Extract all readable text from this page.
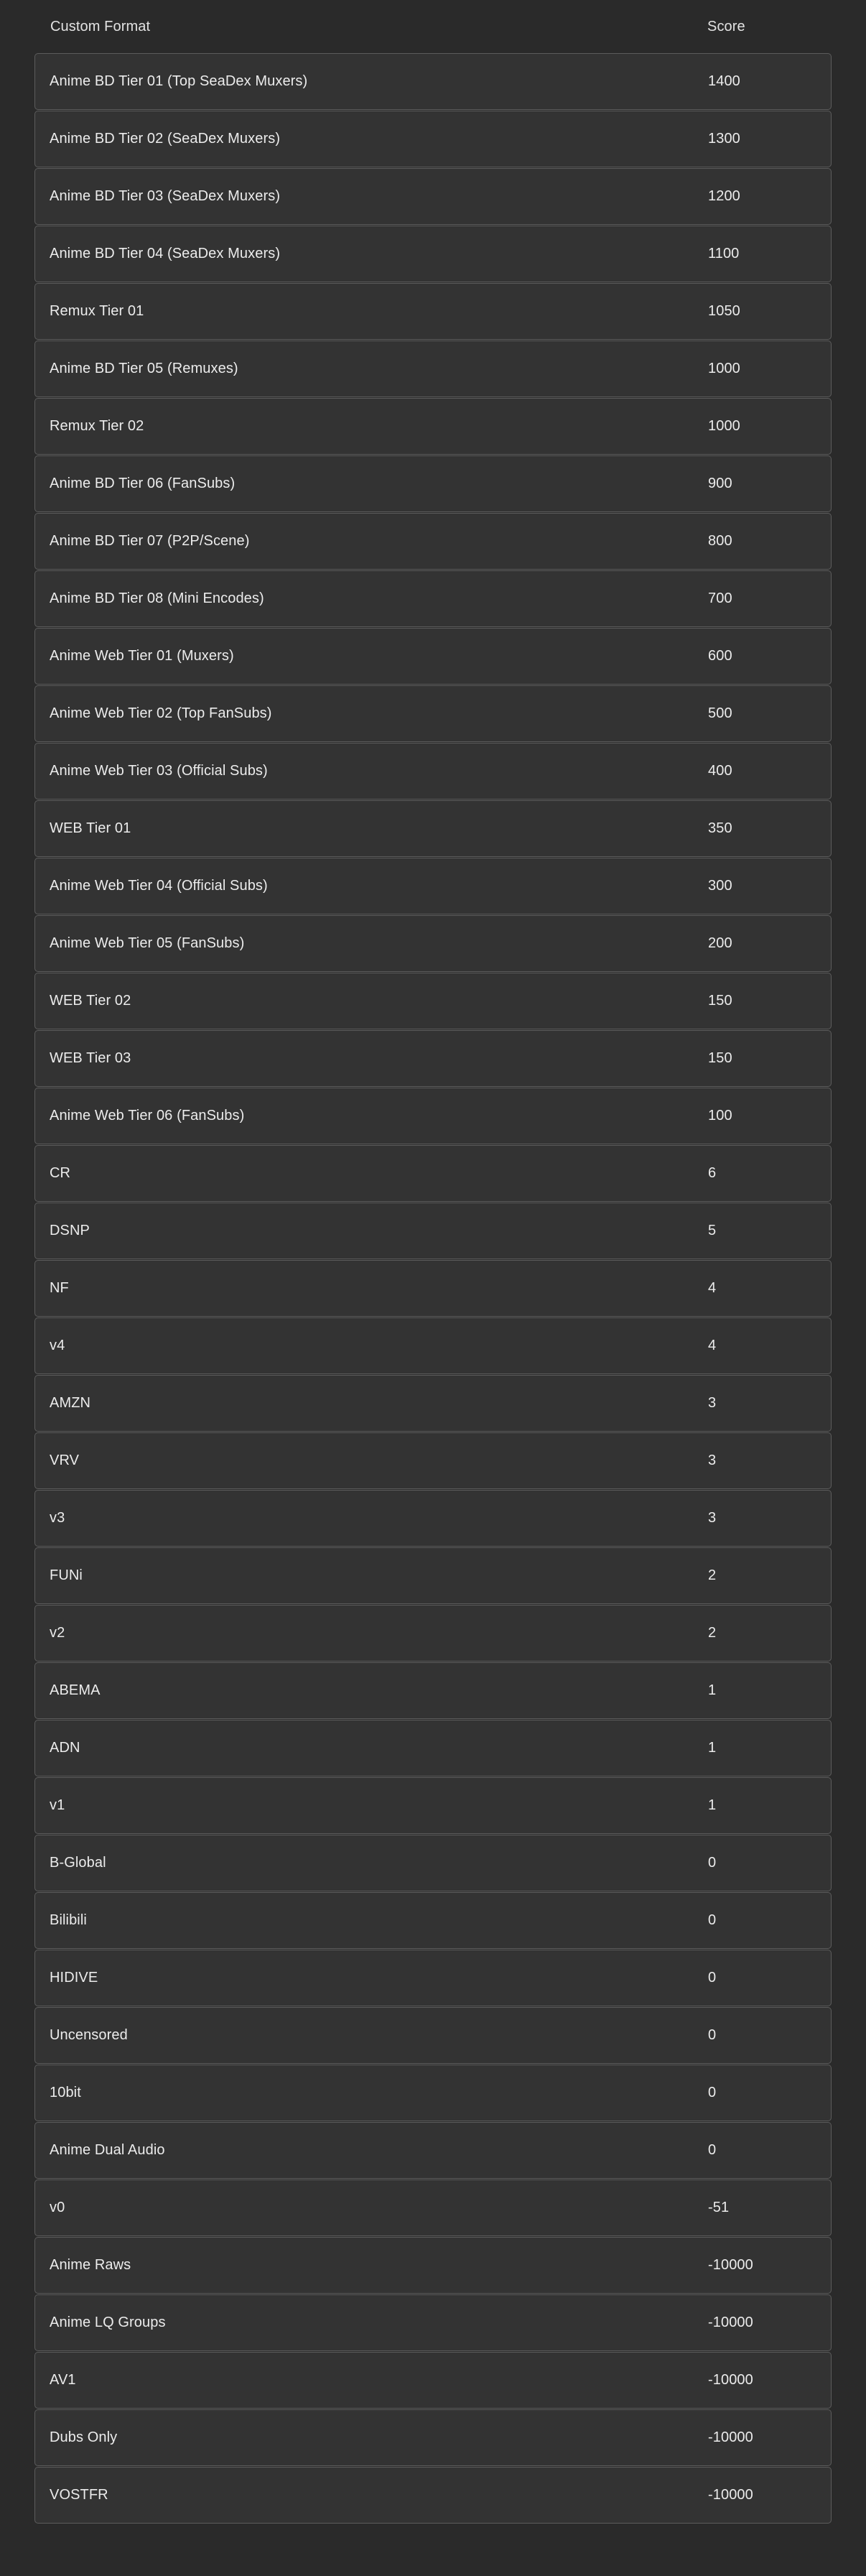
Custom Format	Score
Anime BD Tier 01 (Top SeaDex Muxers)	1400
Anime BD Tier 02 (SeaDex Muxers)	1300
Anime BD Tier 03 (SeaDex Muxers)	1200
Anime BD Tier 04 (SeaDex Muxers)	1100
Remux Tier 01	1050
Anime BD Tier 05 (Remuxes)	1000
Remux Tier 02	1000
Anime BD Tier 06 (FanSubs)	900
Anime BD Tier 07 (P2P/Scene)	800
Anime BD Tier 08 (Mini Encodes)	700
Anime Web Tier 01 (Muxers)	600
Anime Web Tier 02 (Top FanSubs)	500
Anime Web Tier 03 (Official Subs)	400
WEB Tier 01	350
Anime Web Tier 04 (Official Subs)	300
Anime Web Tier 05 (FanSubs)	200
WEB Tier 02	150
WEB Tier 03	150
Anime Web Tier 06 (FanSubs)	100
CR	6
DSNP	5
NF	4
v4	4
AMZN	3
VRV	3
v3	3
FUNi	2
v2	2
ABEMA	1
ADN	1
v1	1
B-Global	0
Bilibili	0
HIDIVE	0
Uncensored	0
10bit	0
Anime Dual Audio	0
v0	-51
Anime Raws	-10000
Anime LQ Groups	-10000
AV1	-10000
Dubs Only	-10000
VOSTFR	-10000
